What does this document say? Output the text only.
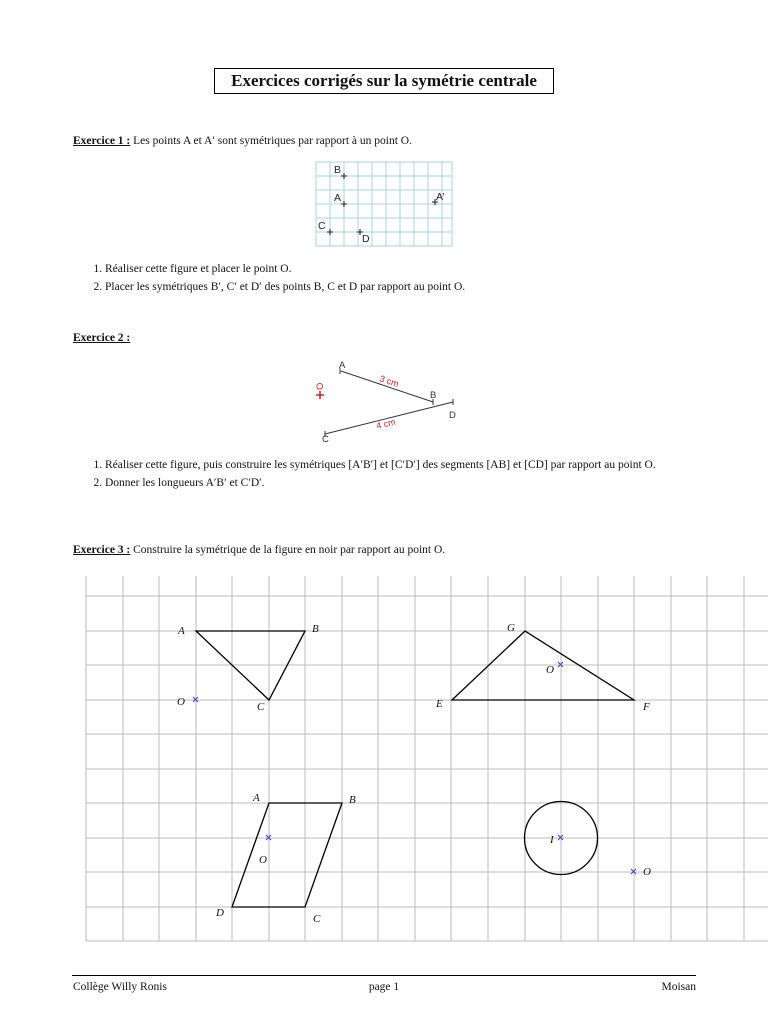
Exercices corrigés sur la symétrie centrale
Exercice 1 : Les points A et A′ sont symétriques par rapport à un point O.
B
A	A’
C
D
1. Réaliser cette figure et placer le point O.
2. Placer les symétriques B′, C′ et D′ des points B, C et D par rapport au point O.
Exercice 2 :
A
B
C
D
O	3 cm
4 cm
1. Réaliser cette figure, puis construire les symétriques [A′B′] et [C′D′] des segments [AB] et [CD] par rapport au point O.
2. Donner les longueurs A′B′ et C′D′.
Exercice 3 : Construire la symétrique de la figure en noir par rapport au point O.
A	B
C
O
G
E	F
O
A	B
C
D
O
I
O
Collège Willy Ronis	page 1	Moisan
